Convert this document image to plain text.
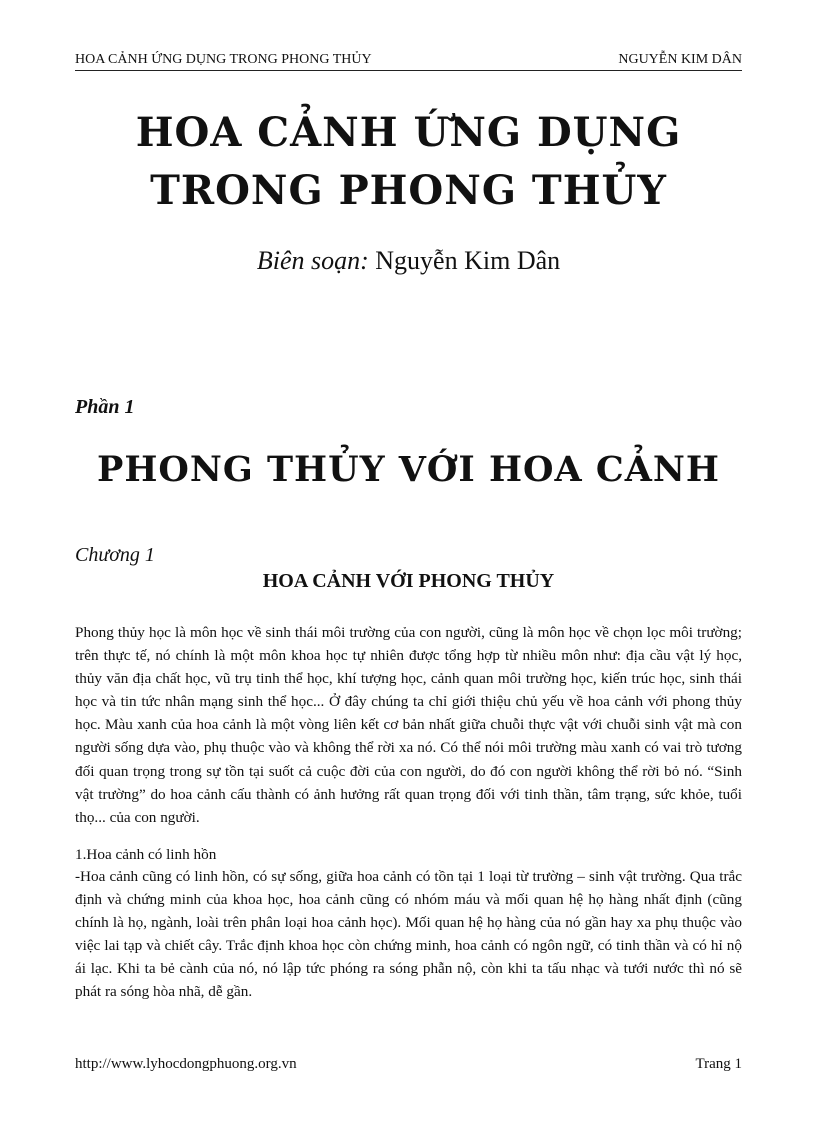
HOA CẢNH ỨNG DỤNG TRONG PHONG THỦY	NGUYỄN KIM DÂN
HOA CẢNH ỨNG DỤNG
TRONG PHONG THỦY
Biên soạn: Nguyễn Kim Dân
Phần 1
PHONG THỦY VỚI HOA CẢNH
Chương 1
HOA CẢNH VỚI PHONG THỦY
Phong thủy học là môn học về sinh thái môi trường của con người, cũng là môn học về chọn lọc môi trường; trên thực tế, nó chính là một môn khoa học tự nhiên được tổng hợp từ nhiều môn như: địa cầu vật lý học, thủy văn địa chất học, vũ trụ tinh thể học, khí tượng học, cảnh quan môi trường học, kiến trúc học, sinh thái học và tin tức nhân mạng sinh thể học... Ở đây chúng ta chỉ giới thiệu chủ yếu về hoa cảnh với phong thủy học. Màu xanh của hoa cảnh là một vòng liên kết cơ bản nhất giữa chuỗi thực vật với chuỗi sinh vật mà con người sống dựa vào, phụ thuộc vào và không thể rời xa nó. Có thể nói môi trường màu xanh có vai trò tương đối quan trọng trong sự tồn tại suốt cả cuộc đời của con người, do đó con người không thể rời bỏ nó. “Sinh vật trường” do hoa cảnh cấu thành có ảnh hưởng rất quan trọng đối với tinh thần, tâm trạng, sức khỏe, tuổi thọ... của con người.
1.Hoa cảnh có linh hồn
-Hoa cảnh cũng có linh hồn, có sự sống, giữa hoa cảnh có tồn tại 1 loại từ trường – sinh vật trường. Qua trắc định và chứng minh của khoa học, hoa cảnh cũng có nhóm máu và mối quan hệ họ hàng nhất định (cũng chính là họ, ngành, loài trên phân loại hoa cảnh học). Mối quan hệ họ hàng của nó gần hay xa phụ thuộc vào việc lai tạp và chiết cây. Trắc định khoa học còn chứng minh, hoa cảnh có ngôn ngữ, có tinh thần và có hỉ nộ ái lạc. Khi ta bẻ cành của nó, nó lập tức phóng ra sóng phẫn nộ, còn khi ta tấu nhạc và tưới nước thì nó sẽ phát ra sóng hòa nhã, dễ gần.
http://www.lyhocdongphuong.org.vn	Trang 1
